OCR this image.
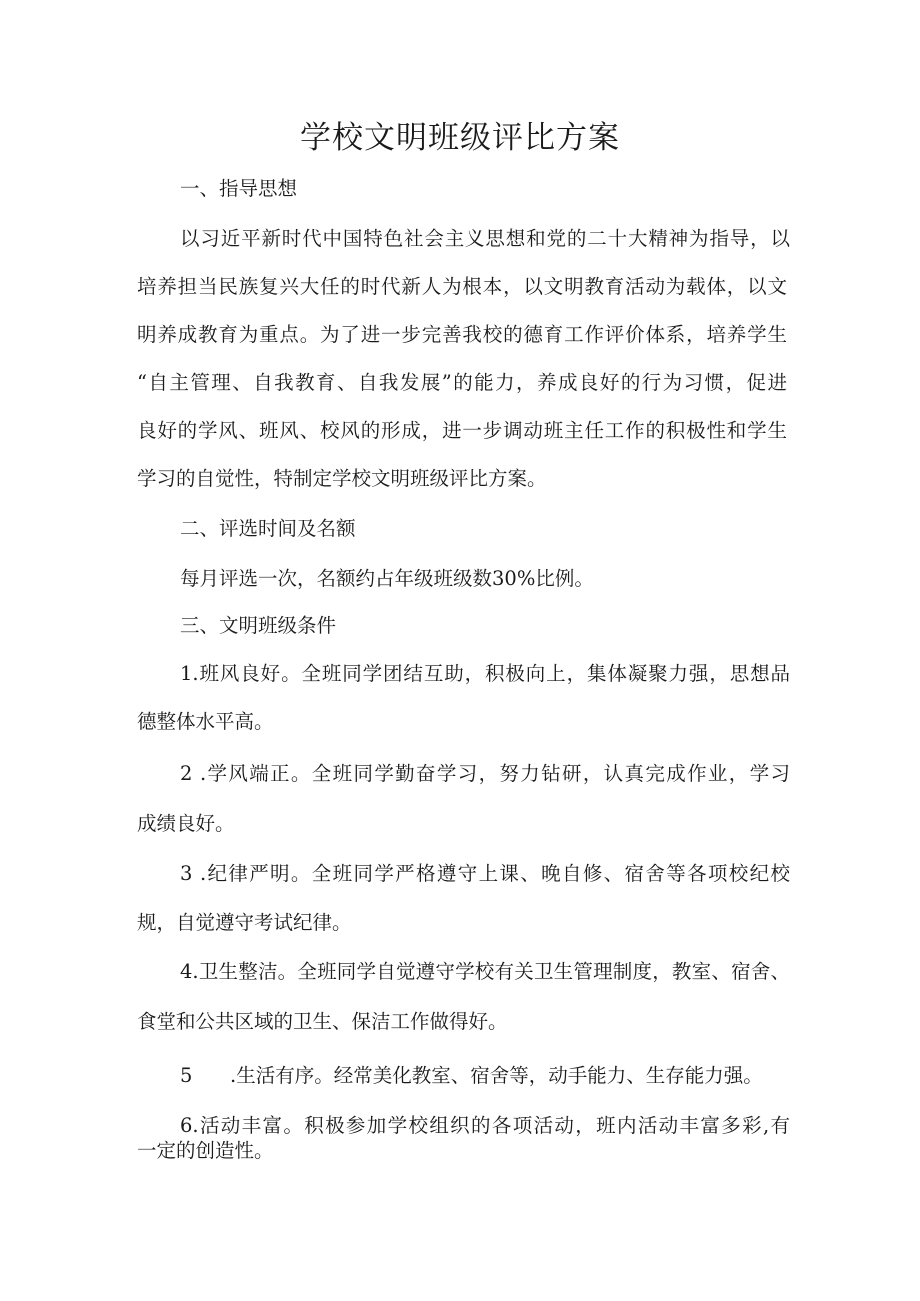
学校文明班级评比方案
一、指导思想
以习近平新时代中国特色社会主义思想和党的二十大精神为指导，以
培养担当民族复兴大任的时代新人为根本，以文明教育活动为载体，以文
明养成教育为重点。为了进一步完善我校的德育工作评价体系，培养学生
“自主管理、自我教育、自我发展”的能力，养成良好的行为习惯，促进
良好的学风、班风、校风的形成，进一步调动班主任工作的积极性和学生
学习的自觉性，特制定学校文明班级评比方案。
二、评选时间及名额
每月评选一次，名额约占年级班级数30%比例。
三、文明班级条件
1.班风良好。全班同学团结互助，积极向上，集体凝聚力强，思想品
德整体水平高。
2 .学风端正。全班同学勤奋学习，努力钻研，认真完成作业，学习
成绩良好。
3 .纪律严明。全班同学严格遵守上课、晚自修、宿舍等各项校纪校
规，自觉遵守考试纪律。
4.卫生整洁。全班同学自觉遵守学校有关卫生管理制度，教室、宿舍、
食堂和公共区域的卫生、保洁工作做得好。
5	.生活有序。经常美化教室、宿舍等，动手能力、生存能力强。
6.活动丰富。积极参加学校组织的各项活动，班内活动丰富多彩,有
一定的创造性。
